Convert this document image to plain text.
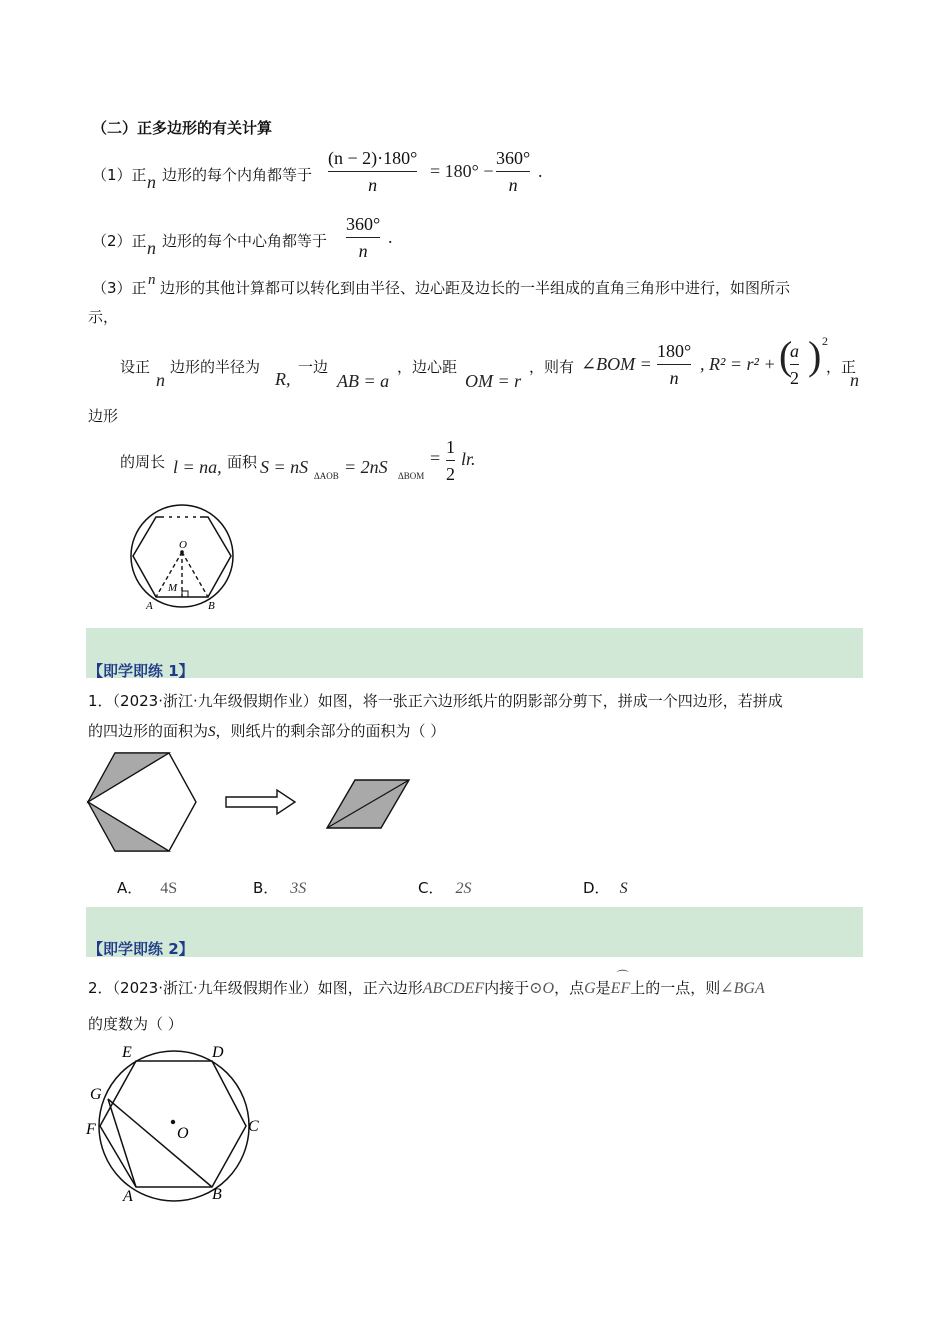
（二）正多边形的有关计算
（1）正 n 边形的每个内角都等于
(n − 2)·180°
n
= 180° −
360°
n
.
（2）正 n 边形的每个中心角都等于
360°
n
.
（3）正 n 边形的其他计算都可以转化到由半径、边心距及边长的一半组成的直角三角形中进行，如图所示
示，
设正
n
边形的半径为
R,
一边
AB = a
，边心距
OM = r
，则有 ∠BOM =
180°
n
, R² = r² + (
a
2 ) 2
，正
n
边形
的周长 l = na, 面积 S = nS ΔAOB = 2nS ΔBOM
=
1
2
lr.
O
M
A	B
【即学即练 1】
1．（2023·浙江·九年级假期作业）如图，将一张正六边形纸片的阴影部分剪下，拼成一个四边形，若拼成
的四边形的面积为S，则纸片的剩余部分的面积为（ ）
A． 4S	B． 3S	C． 2S	D． S
【即学即练 2】
2．（2023·浙江·九年级假期作业）如图，正六边形ABCDEF内接于⊙O，点G是
⌒
EF上的一点，则∠BGA
的度数为（ ）
E	D
G
F	O	C
A	B
